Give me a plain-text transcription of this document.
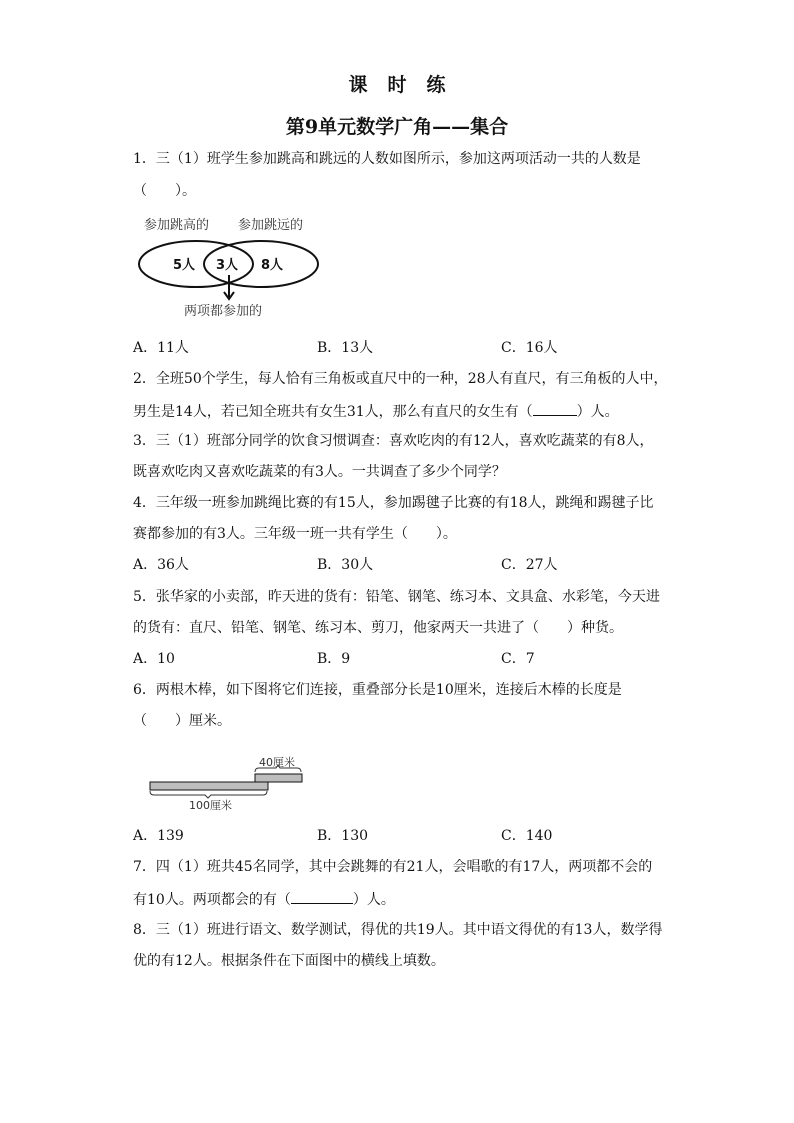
课时练
第9单元数学广角——集合
1．三（1）班学生参加跳高和跳远的人数如图所示，参加这两项活动一共的人数是
（　　）。
参加跳高的 参加跳远的
5人 3人 8人
两项都参加的
A．11人	B．13人	C．16人
2．全班50个学生，每人恰有三角板或直尺中的一种，28人有直尺，有三角板的人中，
男生是14人，若已知全班共有女生31人，那么有直尺的女生有（	）人。
3．三（1）班部分同学的饮食习惯调查：喜欢吃肉的有12人，喜欢吃蔬菜的有8人，
既喜欢吃肉又喜欢吃蔬菜的有3人。一共调查了多少个同学？
4．三年级一班参加跳绳比赛的有15人，参加踢毽子比赛的有18人，跳绳和踢毽子比
赛都参加的有3人。三年级一班一共有学生（　　）。
A．36人	B．30人	C．27人
5．张华家的小卖部，昨天进的货有：铅笔、钢笔、练习本、文具盒、水彩笔，今天进
的货有：直尺、铅笔、钢笔、练习本、剪刀，他家两天一共进了（　　）种货。
A．10	B．9	C．7
6．两根木棒，如下图将它们连接，重叠部分长是10厘米，连接后木棒的长度是
（　　）厘米。
40厘米
100厘米
A．139	B．130	C．140
7．四（1）班共45名同学，其中会跳舞的有21人，会唱歌的有17人，两项都不会的
有10人。两项都会的有（	）人。
8．三（1）班进行语文、数学测试，得优的共19人。其中语文得优的有13人，数学得
优的有12人。根据条件在下面图中的横线上填数。
